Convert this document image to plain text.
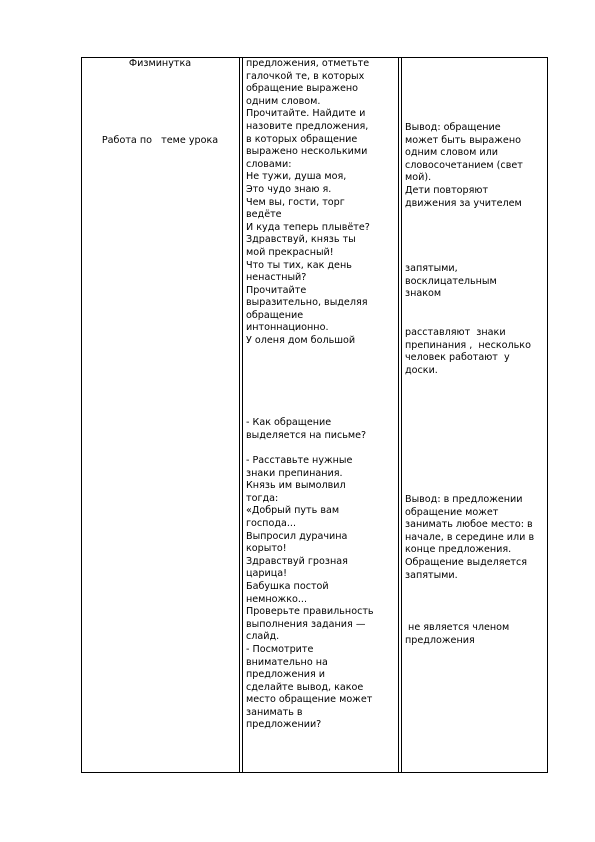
Физминутка
Работа по   теме урока
предложения, отметьте
галочкой те, в которых
обращение выражено
одним словом.
Прочитайте. Найдите и
назовите предложения,
в которых обращение
выражено несколькими
словами:
Не тужи, душа моя,
Это чудо знаю я.
Чем вы, гости, торг
ведёте
И куда теперь плывёте?
Здравствуй, князь ты
мой прекрасный!
Что ты тих, как день
ненастный?
Прочитайте
выразительно, выделяя
обращение
интоннационно.
У оленя дом большой
- Как обращение
выделяется на письме?
- Расставьте нужные
знаки препинания.
Князь им вымолвил
тогда:
«Добрый путь вам
господа...
Выпросил дурачина
корыто!
Здравствуй грозная
царица!
Бабушка постой
немножко...
Проверьте правильность
выполнения задания —
слайд.
- Посмотрите
внимательно на
предложения и
сделайте вывод, какое
место обращение может
занимать в
предложении?
Вывод: обращение
может быть выражено
одним словом или
словосочетанием (свет
мой).
Дети повторяют
движения за учителем
запятыми,
восклицательным
знаком
расставляют  знаки
препинания ,  несколько
человек работают  у
доски.
Вывод: в предложении
обращение может
занимать любое место: в
начале, в середине или в
конце предложения.
Обращение выделяется
запятыми.
не является членом
предложения
